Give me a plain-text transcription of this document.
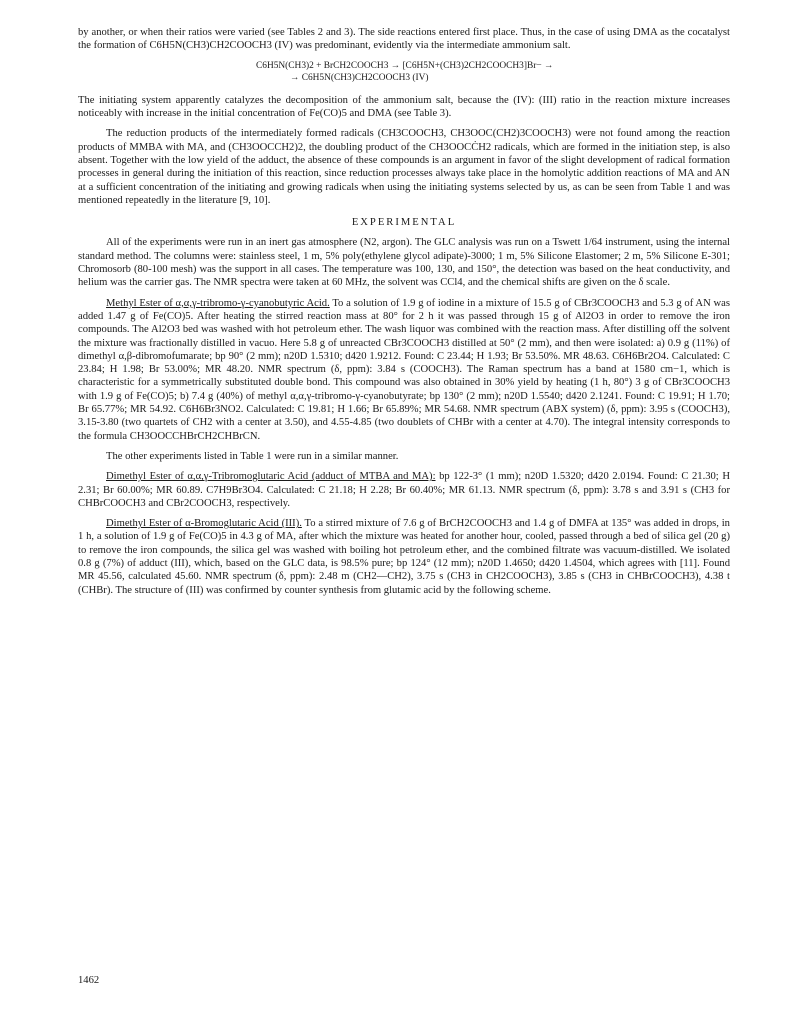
by another, or when their ratios were varied (see Tables 2 and 3). The side reactions entered first place. Thus, in the case of using DMA as the cocatalyst the formation of C6H5N(CH3)CH2COOCH3 (IV) was predominant, evidently via the intermediate ammonium salt.

C6H5N(CH3)2 + BrCH2COOCH3 → [C6H5N+(CH3)2CH2COOCH3]Br− →
→ C6H5N(CH3)CH2COOCH3 (IV)

The initiating system apparently catalyzes the decomposition of the ammonium salt, because the (IV): (III) ratio in the reaction mixture increases noticeably with increase in the initial concentration of Fe(CO)5 and DMA (see Table 3).

The reduction products of the intermediately formed radicals (CH3COOCH3, CH3OOC(CH2)3COOCH3) were not found among the reaction products of MMBA with MA, and (CH3OOCCH2)2, the doubling product of the CH3OOCĊH2 radicals, which are formed in the initiation step, is also absent. Together with the low yield of the adduct, the absence of these compounds is an argument in favor of the slight development of radical formation processes in general during the initiation of this reaction, since reduction processes always take place in the homolytic addition reactions of MA and AN at a sufficient concentration of the initiating and growing radicals when using the initiating systems selected by us, as can be seen from Table 1 and was mentioned repeatedly in the literature [9, 10].

EXPERIMENTAL

All of the experiments were run in an inert gas atmosphere (N2, argon). The GLC analysis was run on a Tswett 1/64 instrument, using the internal standard method. The columns were: stainless steel, 1 m, 5% poly(ethylene glycol adipate)-3000; 1 m, 5% Silicone Elastomer; 2 m, 5% Silicone E-301; Chromosorb (80-100 mesh) was the support in all cases. The temperature was 100, 130, and 150°, the detection was based on the heat conductivity, and helium was the carrier gas. The NMR spectra were taken at 60 MHz, the solvent was CCl4, and the chemical shifts are given on the δ scale.

Methyl Ester of α,α,γ-tribromo-γ-cyanobutyric Acid. To a solution of 1.9 g of iodine in a mixture of 15.5 g of CBr3COOCH3 and 5.3 g of AN was added 1.47 g of Fe(CO)5. After heating the stirred reaction mass at 80° for 2 h it was passed through 15 g of Al2O3 in order to remove the iron compounds. The Al2O3 bed was washed with hot petroleum ether. The wash liquor was combined with the reaction mass. After distilling off the solvent the mixture was fractionally distilled in vacuo. Here 5.8 g of unreacted CBr3COOCH3 distilled at 50° (2 mm), and then were isolated: a) 0.9 g (11%) of dimethyl α,β-dibromofumarate; bp 90° (2 mm); n20D 1.5310; d420 1.9212. Found: C 23.44; H 1.93; Br 53.50%. MR 48.63. C6H6Br2O4. Calculated: C 23.84; H 1.98; Br 53.00%; MR 48.20. NMR spectrum (δ, ppm): 3.84 s (COOCH3). The Raman spectrum has a band at 1580 cm−1, which is characteristic for a symmetrically substituted double bond. This compound was also obtained in 30% yield by heating (1 h, 80°) 3 g of CBr3COOCH3 with 1.9 g of Fe(CO)5; b) 7.4 g (40%) of methyl α,α,γ-tribromo-γ-cyanobutyrate; bp 130° (2 mm); n20D 1.5540; d420 2.1241. Found: C 19.91; H 1.70; Br 65.77%; MR 54.92. C6H6Br3NO2. Calculated: C 19.81; H 1.66; Br 65.89%; MR 54.68. NMR spectrum (ABX system) (δ, ppm): 3.95 s (COOCH3), 3.15-3.80 (two quartets of CH2 with a center at 3.50), and 4.55-4.85 (two doublets of CHBr with a center at 4.70). The integral intensity corresponds to the formula CH3OOCCHBrCH2CHBrCN.

The other experiments listed in Table 1 were run in a similar manner.

Dimethyl Ester of α,α,γ-Tribromoglutaric Acid (adduct of MTBA and MA): bp 122-3° (1 mm); n20D 1.5320; d420 2.0194. Found: C 21.30; H 2.31; Br 60.00%; MR 60.89. C7H9Br3O4. Calculated: C 21.18; H 2.28; Br 60.40%; MR 61.13. NMR spectrum (δ, ppm): 3.78 s and 3.91 s (CH3 for CHBrCOOCH3 and CBr2COOCH3, respectively.

Dimethyl Ester of α-Bromoglutaric Acid (III). To a stirred mixture of 7.6 g of BrCH2COOCH3 and 1.4 g of DMFA at 135° was added in drops, in 1 h, a solution of 1.9 g of Fe(CO)5 in 4.3 g of MA, after which the mixture was heated for another hour, cooled, passed through a bed of silica gel (20 g) to remove the iron compounds, the silica gel was washed with boiling hot petroleum ether, and the combined filtrate was vacuum-distilled. We isolated 0.8 g (7%) of adduct (III), which, based on the GLC data, is 98.5% pure; bp 124° (12 mm); n20D 1.4650; d420 1.4504, which agrees with [11]. Found MR 45.56, calculated 45.60. NMR spectrum (δ, ppm): 2.48 m (CH2—CH2), 3.75 s (CH3 in CH2COOCH3), 3.85 s (CH3 in CHBrCOOCH3), 4.38 t (CHBr). The structure of (III) was confirmed by counter synthesis from glutamic acid by the following scheme.

1462
